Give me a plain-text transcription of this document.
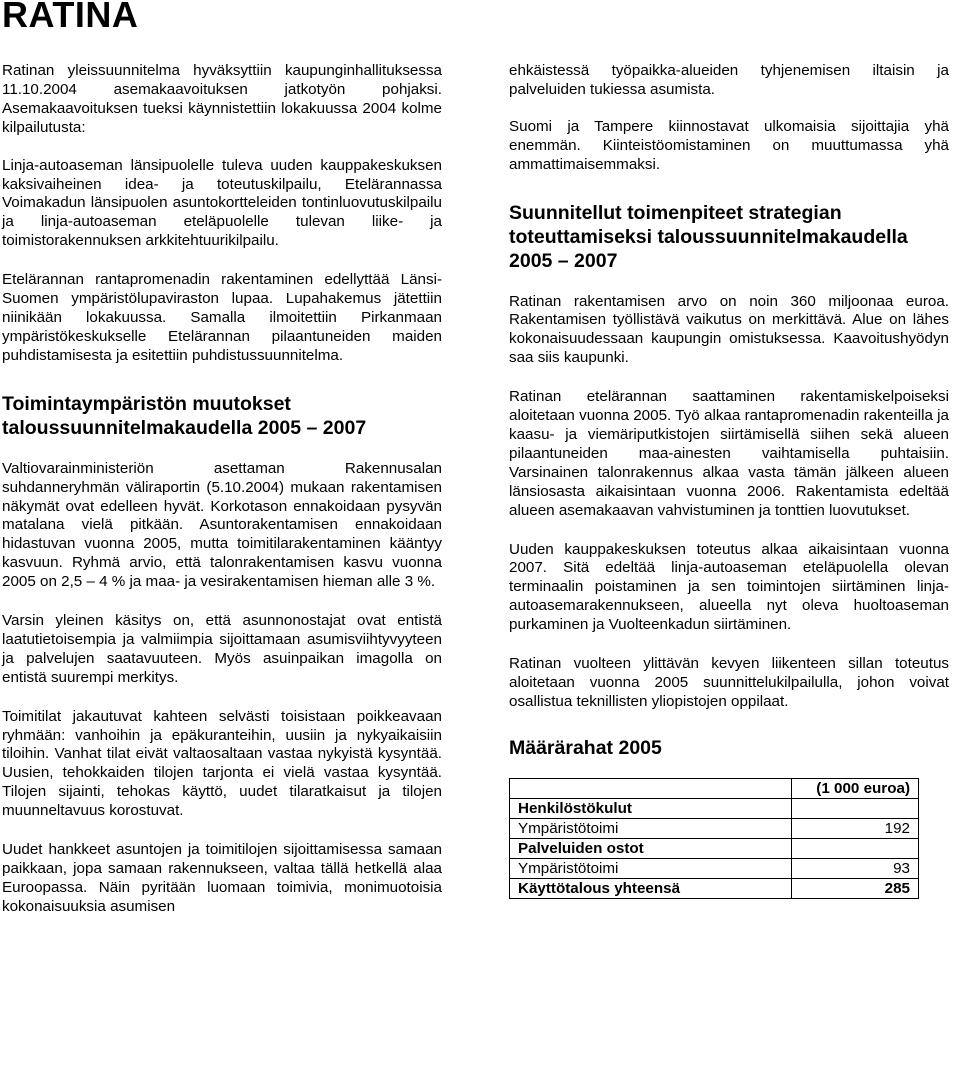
RATINA

Ratinan yleissuunnitelma hyväksyttiin kaupunginhallituksessa 11.10.2004 asemakaavoituksen jatkotyön pohjaksi. Asemakaavoituksen tueksi käynnistettiin lokakuussa 2004 kolme kilpailutusta:

Linja-autoaseman länsipuolelle tuleva uuden kauppakeskuksen kaksivaiheinen idea- ja toteutuskilpailu, Etelärannassa Voimakadun länsipuolen asuntokortteleiden tontinluovutuskilpailu ja linja-autoaseman eteläpuolelle tulevan liike- ja toimistorakennuksen arkkitehtuurikilpailu.

Etelärannan rantapromenadin rakentaminen edellyttää Länsi-Suomen ympäristölupaviraston lupaa. Lupahakemus jätettiin niinikään lokakuussa. Samalla ilmoitettiin Pirkanmaan ympäristökeskukselle Etelärannan pilaantuneiden maiden puhdistamisesta ja esitettiin puhdistussuunnitelma.

Toimintaympäristön muutokset taloussuunnitelmakaudella 2005 – 2007

Valtiovarainministeriön asettaman Rakennusalan suhdanneryhmän väliraportin (5.10.2004) mukaan rakentamisen näkymät ovat edelleen hyvät. Korkotason ennakoidaan pysyvän matalana vielä pitkään. Asuntorakentamisen ennakoidaan hidastuvan vuonna 2005, mutta toimitilarakentaminen kääntyy kasvuun. Ryhmä arvio, että talonrakentamisen kasvu vuonna 2005 on 2,5 – 4 % ja maa- ja vesirakentamisen hieman alle 3 %.

Varsin yleinen käsitys on, että asunnonostajat ovat entistä laatutietoisempia ja valmiimpia sijoittamaan asumisviihtyvyyteen ja palvelujen saatavuuteen. Myös asuinpaikan imagolla on entistä suurempi merkitys.

Toimitilat jakautuvat kahteen selvästi toisistaan poikkeavaan ryhmään: vanhoihin ja epäkuranteihin, uusiin ja nykyaikaisiin tiloihin. Vanhat tilat eivät valtaosaltaan vastaa nykyistä kysyntää. Uusien, tehokkaiden tilojen tarjonta ei vielä vastaa kysyntää. Tilojen sijainti, tehokas käyttö, uudet tilaratkaisut ja tilojen muunneltavuus korostuvat.

Uudet hankkeet asuntojen ja toimitilojen sijoittamisessa samaan paikkaan, jopa samaan rakennukseen, valtaa tällä hetkellä alaa Euroopassa. Näin pyritään luomaan toimivia, monimuotoisia kokonaisuuksia asumisen

ehkäistessä työpaikka-alueiden tyhjenemisen iltaisin ja palveluiden tukiessa asumista.

Suomi ja Tampere kiinnostavat ulkomaisia sijoittajia yhä enemmän. Kiinteistöomistaminen on muuttumassa yhä ammattimaisemmaksi.

Suunnitellut toimenpiteet strategian toteuttamiseksi taloussuunnitelmakaudella 2005 – 2007

Ratinan rakentamisen arvo on noin 360 miljoonaa euroa. Rakentamisen työllistävä vaikutus on merkittävä. Alue on lähes kokonaisuudessaan kaupungin omistuksessa. Kaavoitushyödyn saa siis kaupunki.

Ratinan etelärannan saattaminen rakentamiskelpoiseksi aloitetaan vuonna 2005. Työ alkaa rantapromenadin rakenteilla ja kaasu- ja viemäriputkistojen siirtämisellä siihen sekä alueen pilaantuneiden maa-ainesten vaihtamisella puhtaisiin. Varsinainen talonrakennus alkaa vasta tämän jälkeen alueen länsiosasta aikaisintaan vuonna 2006. Rakentamista edeltää alueen asemakaavan vahvistuminen ja tonttien luovutukset.

Uuden kauppakeskuksen toteutus alkaa aikaisintaan vuonna 2007. Sitä edeltää linja-autoaseman eteläpuolella olevan terminaalin poistaminen ja sen toimintojen siirtäminen linja-autoasemarakennukseen, alueella nyt oleva huoltoaseman purkaminen ja Vuolteenkadun siirtäminen.

Ratinan vuolteen ylittävän kevyen liikenteen sillan toteutus aloitetaan vuonna 2005 suunnittelukilpailulla, johon voivat osallistua teknillisten yliopistojen oppilaat.

Määrärahat 2005
	(1 000 euroa)
Henkilöstökulut	
Ympäristötoimi	192
Palveluiden ostot	
Ympäristötoimi	93
Käyttötalous yhteensä	285
